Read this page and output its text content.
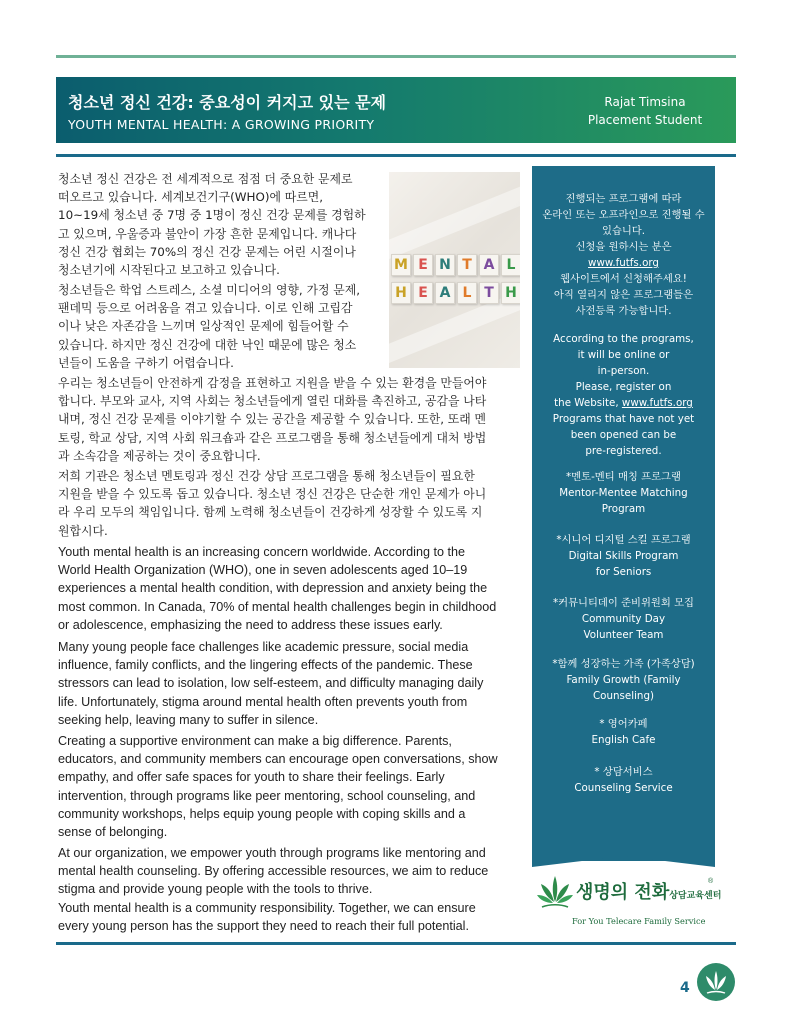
청소년 정신 건강: 중요성이 커지고 있는 문제
YOUTH MENTAL HEALTH: A GROWING PRIORITY
Rajat Timsina
Placement Student
M E N T A L
H E A L T H
청소년 정신 건강은 전 세계적으로 점점 더 중요한 문제로
떠오르고 있습니다. 세계보건기구(WHO)에 따르면,
10~19세 청소년 중 7명 중 1명이 정신 건강 문제를 경험하
고 있으며, 우울증과 불안이 가장 흔한 문제입니다. 캐나다
정신 건강 협회는 70%의 정신 건강 문제는 어린 시절이나
청소년기에 시작된다고 보고하고 있습니다.
청소년들은 학업 스트레스, 소셜 미디어의 영향, 가정 문제,
팬데믹 등으로 어려움을 겪고 있습니다. 이로 인해 고립감
이나 낮은 자존감을 느끼며 일상적인 문제에 힘들어할 수
있습니다. 하지만 정신 건강에 대한 낙인 때문에 많은 청소
년들이 도움을 구하기 어렵습니다.
우리는 청소년들이 안전하게 감정을 표현하고 지원을 받을 수 있는 환경을 만들어야
합니다. 부모와 교사, 지역 사회는 청소년들에게 열린 대화를 촉진하고, 공감을 나타
내며, 정신 건강 문제를 이야기할 수 있는 공간을 제공할 수 있습니다. 또한, 또래 멘
토링, 학교 상담, 지역 사회 워크숍과 같은 프로그램을 통해 청소년들에게 대처 방법
과 소속감을 제공하는 것이 중요합니다.
저희 기관은 청소년 멘토링과 정신 건강 상담 프로그램을 통해 청소년들이 필요한
지원을 받을 수 있도록 돕고 있습니다. 청소년 정신 건강은 단순한 개인 문제가 아니
라 우리 모두의 책임입니다. 함께 노력해 청소년들이 건강하게 성장할 수 있도록 지
원합시다.
Youth mental health is an increasing concern worldwide. According to the
World Health Organization (WHO), one in seven adolescents aged 10–19
experiences a mental health condition, with depression and anxiety being the
most common. In Canada, 70% of mental health challenges begin in childhood
or adolescence, emphasizing the need to address these issues early.
Many young people face challenges like academic pressure, social media
influence, family conflicts, and the lingering effects of the pandemic. These
stressors can lead to isolation, low self-esteem, and difficulty managing daily
life. Unfortunately, stigma around mental health often prevents youth from
seeking help, leaving many to suffer in silence.
Creating a supportive environment can make a big difference. Parents,
educators, and community members can encourage open conversations, show
empathy, and offer safe spaces for youth to share their feelings. Early
intervention, through programs like peer mentoring, school counseling, and
community workshops, helps equip young people with coping skills and a
sense of belonging.
At our organization, we empower youth through programs like mentoring and
mental health counseling. By offering accessible resources, we aim to reduce
stigma and provide young people with the tools to thrive.
Youth mental health is a community responsibility. Together, we can ensure
every young person has the support they need to reach their full potential.
진행되는 프로그램에 따라
온라인 또는 오프라인으로 진행될 수
있습니다.
신청을 원하시는 분은
www.futfs.org
웹사이트에서 신청해주세요!
아직 열리지 않은 프로그램들은
사전등록 가능합니다.
According to the programs,
it will be online or
in-person.
Please, register on
the Website, www.futfs.org
Programs that have not yet
been opened can be
pre-registered.
*멘토-멘티 매칭 프로그램
Mentor-Mentee Matching
Program
*시니어 디지털 스킬 프로그램
Digital Skills Program
for Seniors
*커뮤니티데이 준비위원회 모집
Community Day
Volunteer Team
*함께 성장하는 가족 (가족상담)
Family Growth (Family
Counseling)
* 영어카페
English Cafe
* 상담서비스
Counseling Service
생명의 전화상담교육센터
®
For You Telecare Family Service
4
